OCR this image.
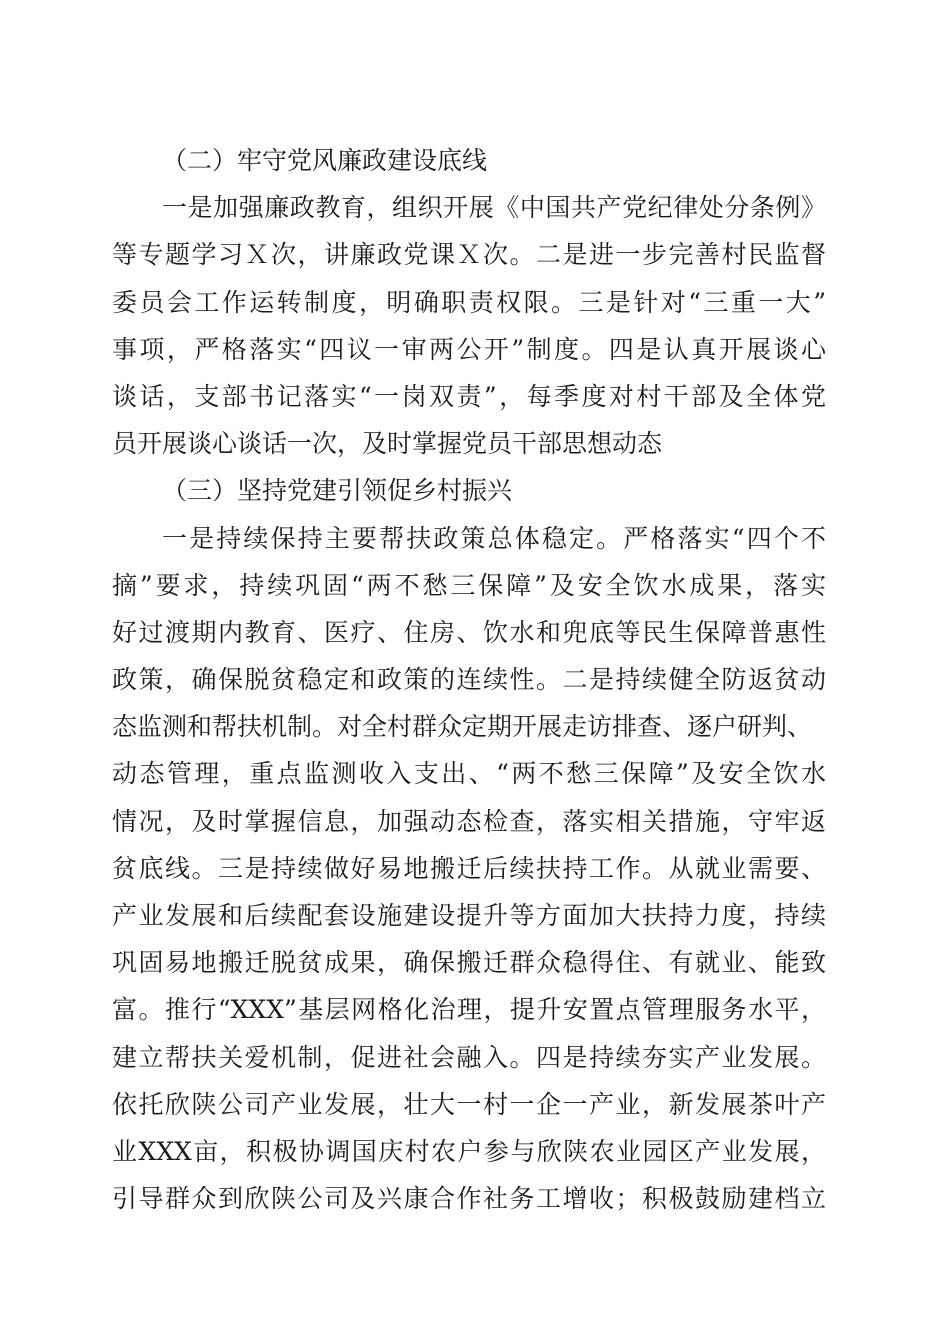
（二）牢守党风廉政建设底线
一是加强廉政教育，组织开展《中国共产党纪律处分条例》
等专题学习Ｘ次，讲廉政党课Ｘ次。二是进一步完善村民监督
委员会工作运转制度，明确职责权限。三是针对“三重一大”
事项，严格落实“四议一审两公开”制度。四是认真开展谈心
谈话，支部书记落实“一岗双责”，每季度对村干部及全体党
员开展谈心谈话一次，及时掌握党员干部思想动态
（三）坚持党建引领促乡村振兴
一是持续保持主要帮扶政策总体稳定。严格落实“四个不
摘”要求，持续巩固“两不愁三保障”及安全饮水成果，落实
好过渡期内教育、医疗、住房、饮水和兜底等民生保障普惠性
政策，确保脱贫稳定和政策的连续性。二是持续健全防返贫动
态监测和帮扶机制。对全村群众定期开展走访排查、逐户研判、
动态管理，重点监测收入支出、“两不愁三保障”及安全饮水
情况，及时掌握信息，加强动态检查，落实相关措施，守牢返
贫底线。三是持续做好易地搬迁后续扶持工作。从就业需要、
产业发展和后续配套设施建设提升等方面加大扶持力度，持续
巩固易地搬迁脱贫成果，确保搬迁群众稳得住、有就业、能致
富。推行“XXX”基层网格化治理，提升安置点管理服务水平，
建立帮扶关爱机制，促进社会融入。四是持续夯实产业发展。
依托欣陕公司产业发展，壮大一村一企一产业，新发展茶叶产
业XXX亩，积极协调国庆村农户参与欣陕农业园区产业发展，
引导群众到欣陕公司及兴康合作社务工增收；积极鼓励建档立
